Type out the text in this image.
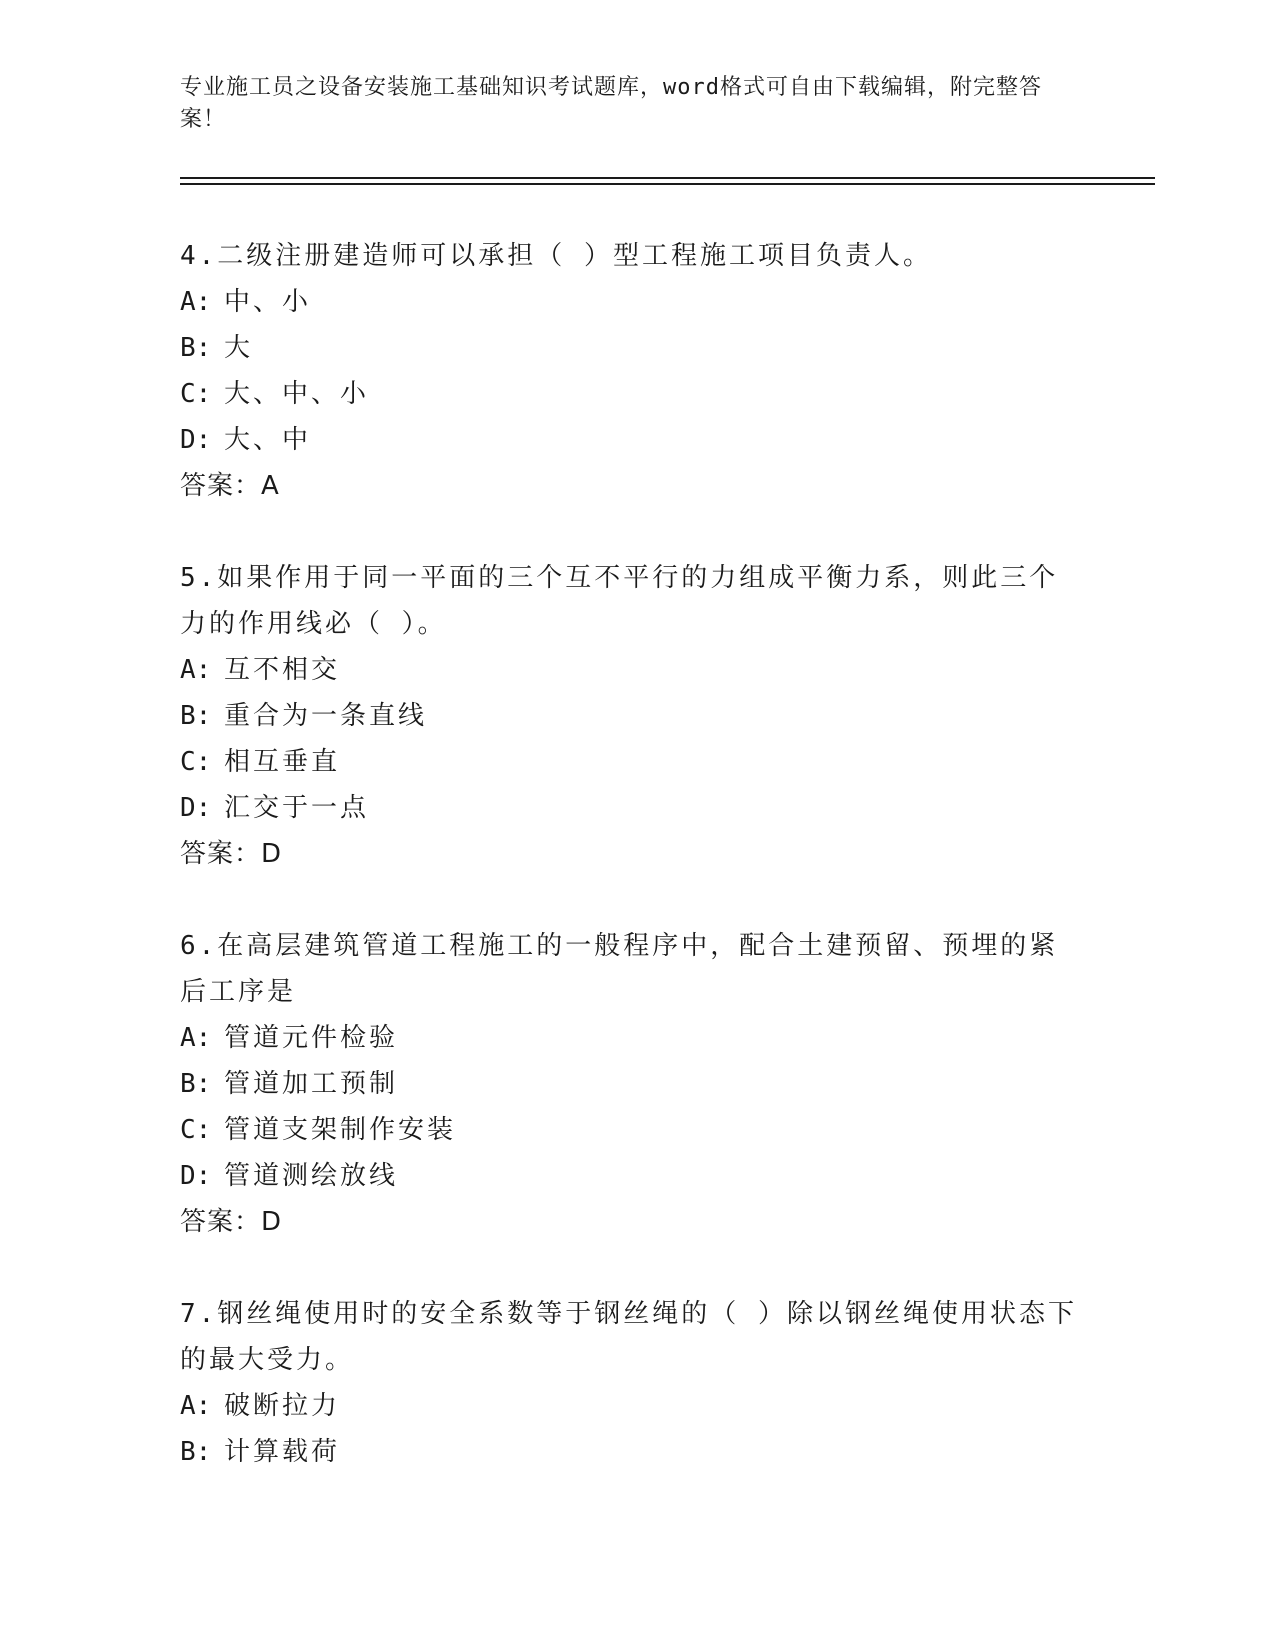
专业施工员之设备安装施工基础知识考试题库，word格式可自由下载编辑，附完整答案！

4.二级注册建造师可以承担（ ）型工程施工项目负责人。

A: 中、小

B: 大

C: 大、中、小

D: 大、中

答案：A

5.如果作用于同一平面的三个互不平行的力组成平衡力系，则此三个力的作用线必（ ）。

A: 互不相交

B: 重合为一条直线

C: 相互垂直

D: 汇交于一点

答案：D

6.在高层建筑管道工程施工的一般程序中，配合土建预留、预埋的紧后工序是

A: 管道元件检验

B: 管道加工预制

C: 管道支架制作安装

D: 管道测绘放线

答案：D

7.钢丝绳使用时的安全系数等于钢丝绳的（ ）除以钢丝绳使用状态下的最大受力。

A: 破断拉力

B: 计算载荷
